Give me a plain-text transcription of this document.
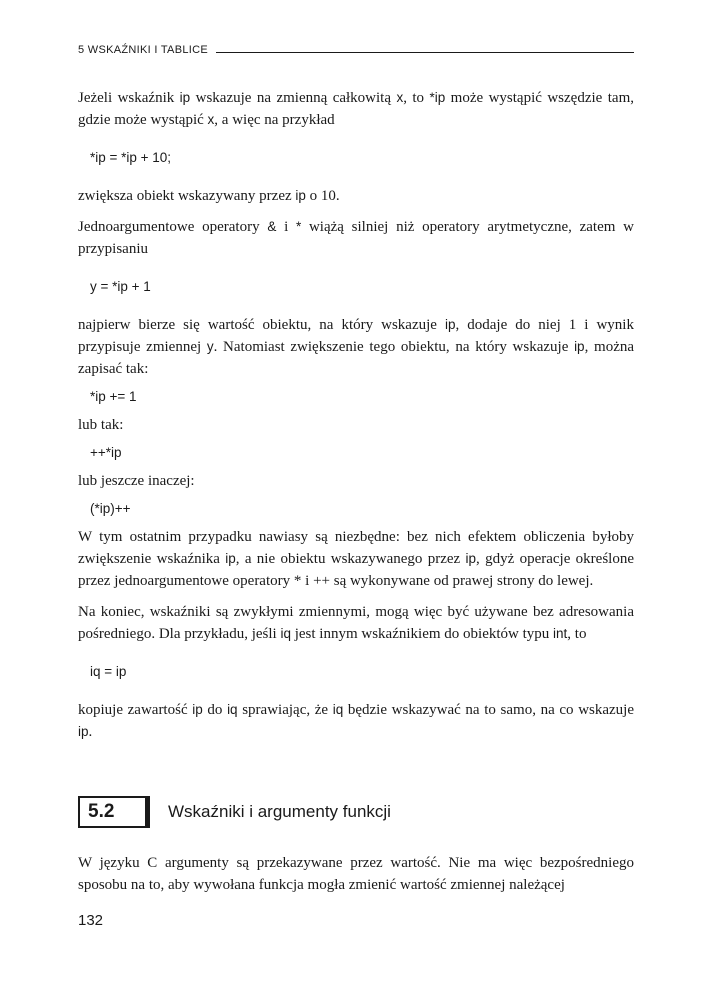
5 WSKAŹNIKI I TABLICE

Jeżeli wskaźnik ip wskazuje na zmienną całkowitą x, to *ip może wystąpić wszędzie tam, gdzie może wystąpić x, a więc na przykład

*ip = *ip + 10;

zwiększa obiekt wskazywany przez ip o 10.

Jednoargumentowe operatory & i * wiążą silniej niż operatory arytmetyczne, zatem w przypisaniu

y = *ip + 1

najpierw bierze się wartość obiektu, na który wskazuje ip, dodaje do niej 1 i wynik przypisuje zmiennej y. Natomiast zwiększenie tego obiektu, na który wskazuje ip, można zapisać tak:

*ip += 1

lub tak:

++*ip

lub jeszcze inaczej:

(*ip)++

W tym ostatnim przypadku nawiasy są niezbędne: bez nich efektem obliczenia byłoby zwiększenie wskaźnika ip, a nie obiektu wskazywanego przez ip, gdyż operacje określone przez jednoargumentowe operatory * i ++ są wykonywane od prawej strony do lewej.

Na koniec, wskaźniki są zwykłymi zmiennymi, mogą więc być używane bez adresowania pośredniego. Dla przykładu, jeśli iq jest innym wskaźnikiem do obiektów typu int, to

iq = ip

kopiuje zawartość ip do iq sprawiając, że iq będzie wskazywać na to samo, na co wskazuje ip.

5.2	Wskaźniki i argumenty funkcji

W języku C argumenty są przekazywane przez wartość. Nie ma więc bezpośredniego sposobu na to, aby wywołana funkcja mogła zmienić wartość zmiennej należącej

132
